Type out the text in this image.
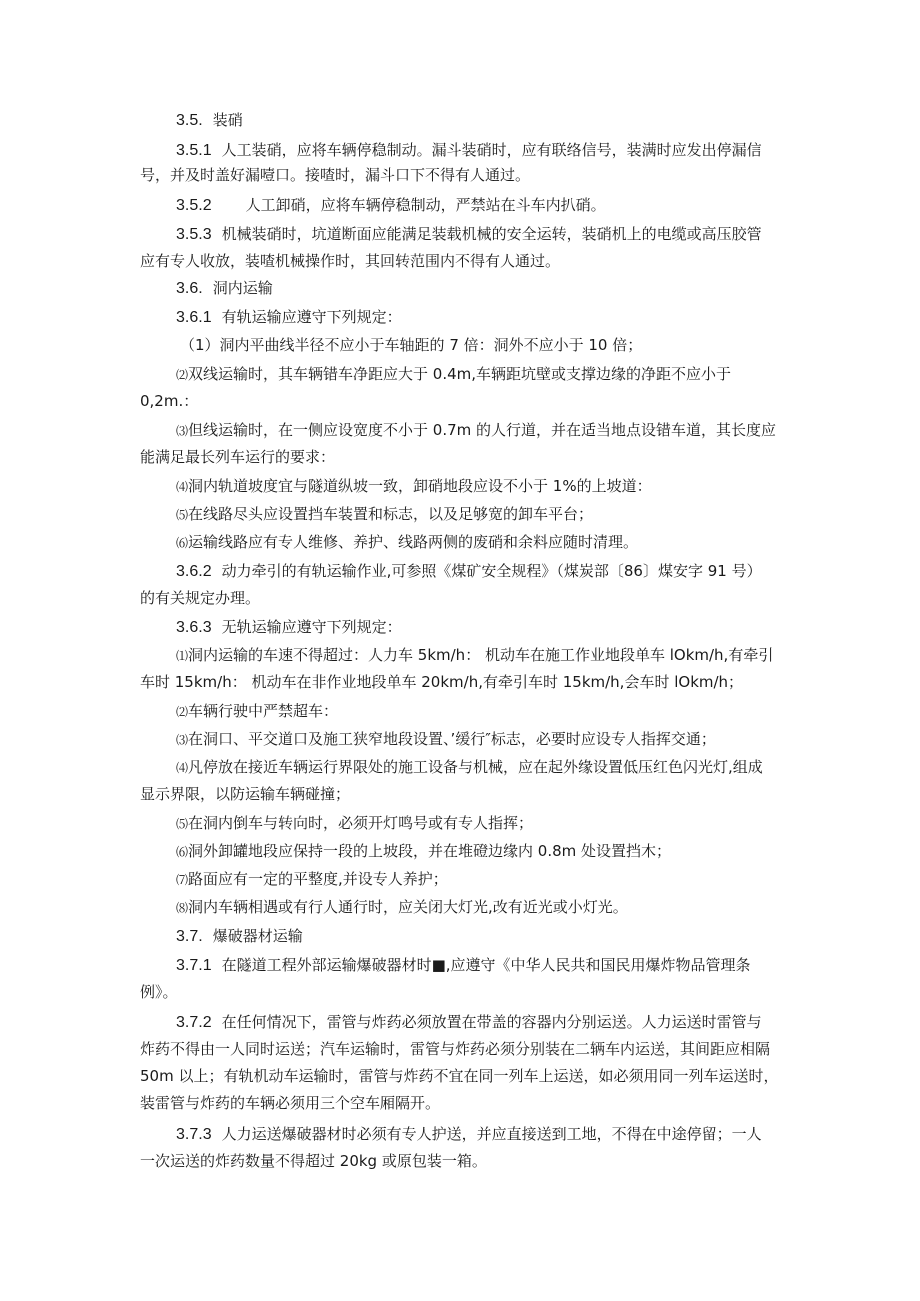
3.5. 装硝
3.5.1 人工装硝，应将车辆停稳制动。漏斗装硝时，应有联络信号，装满时应发出停漏信
号，并及时盖好漏噎口。接喳时，漏斗口下不得有人通过。
3.5.2 人工卸硝，应将车辆停稳制动，严禁站在斗车内扒硝。
3.5.3 机械装硝时，坑道断面应能满足装载机械的安全运转，装硝机上的电缆或高压胶管
应有专人收放，装喳机械操作时，其回转范围内不得有人通过。
3.6. 洞内运输
3.6.1 有轨运输应遵守下列规定：
（1）洞内平曲线半径不应小于车轴距的 7 倍：洞外不应小于 10 倍；
⑵双线运输时，其车辆错车净距应大于 0.4m,车辆距坑壁或支撑边缘的净距不应小于
0,2m.：
⑶但线运输时，在一侧应设宽度不小于 0.7m 的人行道，并在适当地点设错车道，其长度应
能满足最长列车运行的要求：
⑷洞内轨道坡度宜与隧道纵坡一致，卸硝地段应设不小于 1%的上坡道：
⑸在线路尽头应设置挡车装置和标志，以及足够宽的卸车平台；
⑹运输线路应有专人维修、养护、线路两侧的废硝和余料应随时清理。
3.6.2 动力牵引的有轨运输作业,可参照《煤矿安全规程》（煤炭部〔86〕煤安字 91 号）
的有关规定办理。
3.6.3 无轨运输应遵守下列规定：
⑴洞内运输的车速不得超过：人力车 5km/h： 机动车在施工作业地段单车 lOkm/h,有牵引
车时 15km/h： 机动车在非作业地段单车 20km/h,有牵引车时 15km/h,会车时 lOkm/h；
⑵车辆行驶中严禁超车：
⑶在洞口、平交道口及施工狭窄地段设置、’缓行″标志，必要时应设专人指挥交通；
⑷凡停放在接近车辆运行界限处的施工设备与机械，应在起外缘设置低压红色闪光灯,组成
显示界限，以防运输车辆碰撞；
⑸在洞内倒车与转向时，必须开灯鸣号或有专人指挥；
⑹洞外卸罐地段应保持一段的上坡段，并在堆磴边缘内 0.8m 处设置挡木；
⑺路面应有一定的平整度,并设专人养护；
⑻洞内车辆相遇或有行人通行时，应关闭大灯光,改有近光或小灯光。
3.7. 爆破器材运输
3.7.1 在隧道工程外部运输爆破器材时■,应遵守《中华人民共和国民用爆炸物品管理条
例》。
3.7.2 在任何情况下，雷管与炸药必须放置在带盖的容器内分别运送。人力运送时雷管与
炸药不得由一人同时运送；汽车运输时，雷管与炸药必须分别装在二辆车内运送，其间距应相隔
50m 以上；有轨机动车运输时，雷管与炸药不宜在同一列车上运送，如必须用同一列车运送时，
装雷管与炸药的车辆必须用三个空车厢隔开。
3.7.3 人力运送爆破器材时必须有专人护送，并应直接送到工地，不得在中途停留；一人
一次运送的炸药数量不得超过 20kg 或原包装一箱。
